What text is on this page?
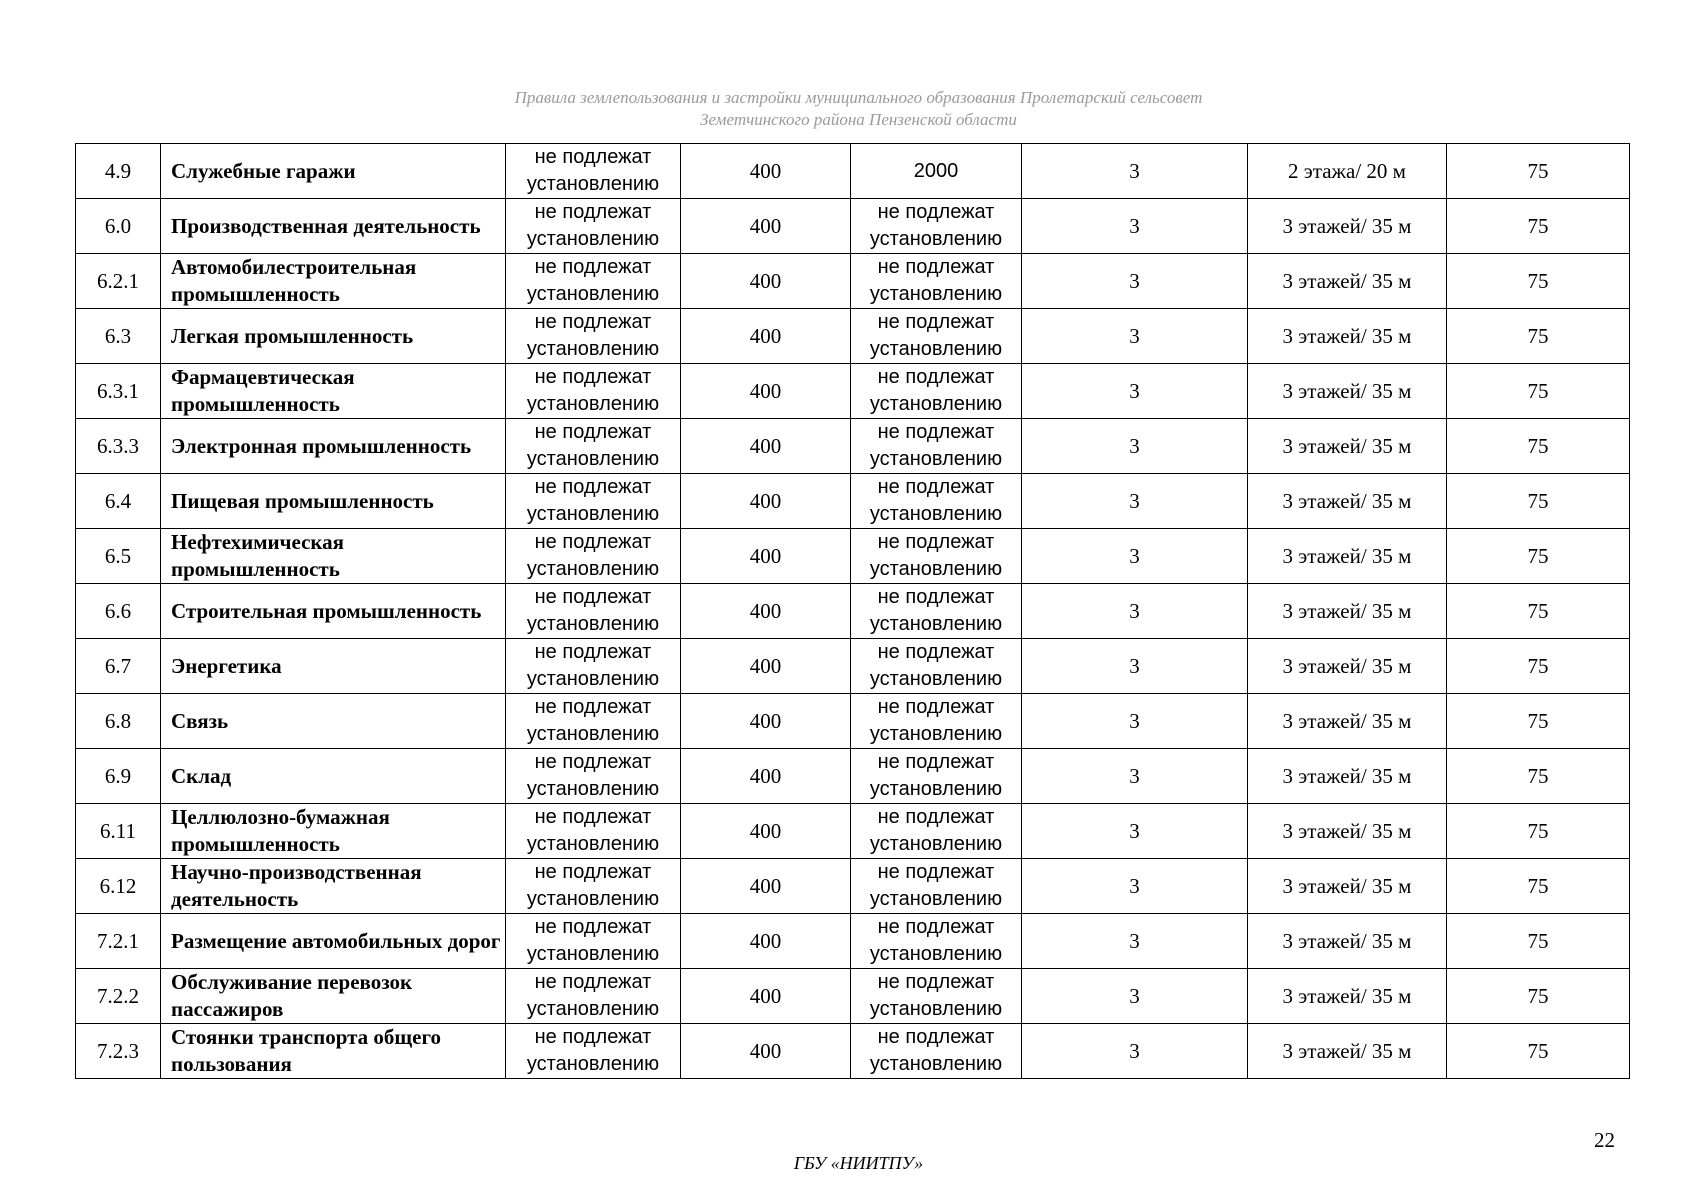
Правила землепользования и застройки муниципального образования Пролетарский сельсовет
Земетчинского района Пензенской области
4.9	Служебные гаражи	не подлежат установлению	400	2000	3	2 этажа/ 20 м	75
6.0	Производственная деятельность	не подлежат установлению	400	не подлежат установлению	3	3 этажей/ 35 м	75
6.2.1	Автомобилестроительная промышленность	не подлежат установлению	400	не подлежат установлению	3	3 этажей/ 35 м	75
6.3	Легкая промышленность	не подлежат установлению	400	не подлежат установлению	3	3 этажей/ 35 м	75
6.3.1	Фармацевтическая промышленность	не подлежат установлению	400	не подлежат установлению	3	3 этажей/ 35 м	75
6.3.3	Электронная промышленность	не подлежат установлению	400	не подлежат установлению	3	3 этажей/ 35 м	75
6.4	Пищевая промышленность	не подлежат установлению	400	не подлежат установлению	3	3 этажей/ 35 м	75
6.5	Нефтехимическая промышленность	не подлежат установлению	400	не подлежат установлению	3	3 этажей/ 35 м	75
6.6	Строительная промышленность	не подлежат установлению	400	не подлежат установлению	3	3 этажей/ 35 м	75
6.7	Энергетика	не подлежат установлению	400	не подлежат установлению	3	3 этажей/ 35 м	75
6.8	Связь	не подлежат установлению	400	не подлежат установлению	3	3 этажей/ 35 м	75
6.9	Склад	не подлежат установлению	400	не подлежат установлению	3	3 этажей/ 35 м	75
6.11	Целлюлозно-бумажная промышленность	не подлежат установлению	400	не подлежат установлению	3	3 этажей/ 35 м	75
6.12	Научно-производственная деятельность	не подлежат установлению	400	не подлежат установлению	3	3 этажей/ 35 м	75
7.2.1	Размещение автомобильных дорог	не подлежат установлению	400	не подлежат установлению	3	3 этажей/ 35 м	75
7.2.2	Обслуживание перевозок пассажиров	не подлежат установлению	400	не подлежат установлению	3	3 этажей/ 35 м	75
7.2.3	Стоянки транспорта общего пользования	не подлежат установлению	400	не подлежат установлению	3	3 этажей/ 35 м	75
22
ГБУ «НИИТПУ»
